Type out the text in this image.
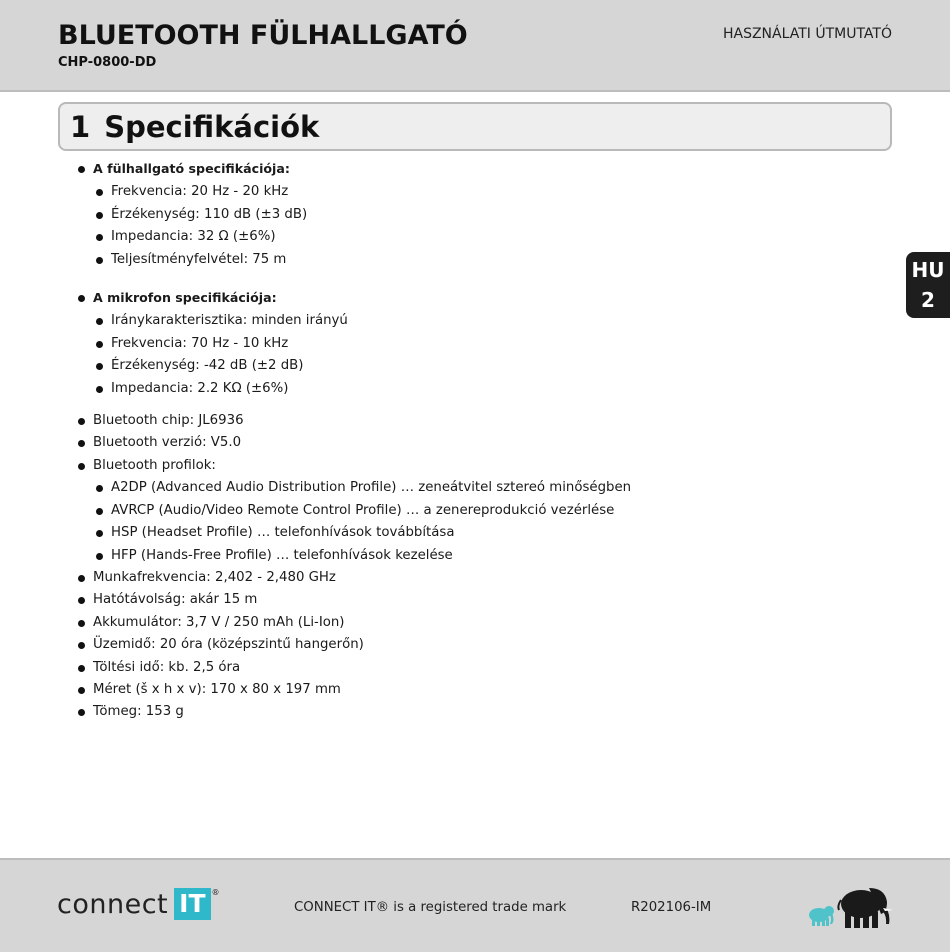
BLUETOOTH FÜLHALLGATÓ
CHP-0800-DD
HASZNÁLATI ÚTMUTATÓ
1 Specifikációk
HU
2
A fülhallgató specifikációja:
Frekvencia: 20 Hz - 20 kHz
Érzékenység: 110 dB (±3 dB)
Impedancia: 32 Ω (±6%)
Teljesítményfelvétel: 75 m
A mikrofon specifikációja:
Iránykarakterisztika: minden irányú
Frekvencia: 70 Hz - 10 kHz
Érzékenység: -42 dB (±2 dB)
Impedancia: 2.2 KΩ (±6%)
Bluetooth chip: JL6936
Bluetooth verzió: V5.0
Bluetooth profilok:
A2DP (Advanced Audio Distribution Profile) … zeneátvitel sztereó minőségben
AVRCP (Audio/Video Remote Control Profile) … a zenereprodukció vezérlése
HSP (Headset Profile) … telefonhívások továbbítása
HFP (Hands-Free Profile) … telefonhívások kezelése
Munkafrekvencia: 2,402 - 2,480 GHz
Hatótávolság: akár 15 m
Akkumulátor: 3,7 V / 250 mAh (Li-Ion)
Üzemidő: 20 óra (középszintű hangerőn)
Töltési idő: kb. 2,5 óra
Méret (š x h x v): 170 x 80 x 197 mm
Tömeg: 153 g
connect IT ®
CONNECT IT® is a registered trade mark	R202106-IM
